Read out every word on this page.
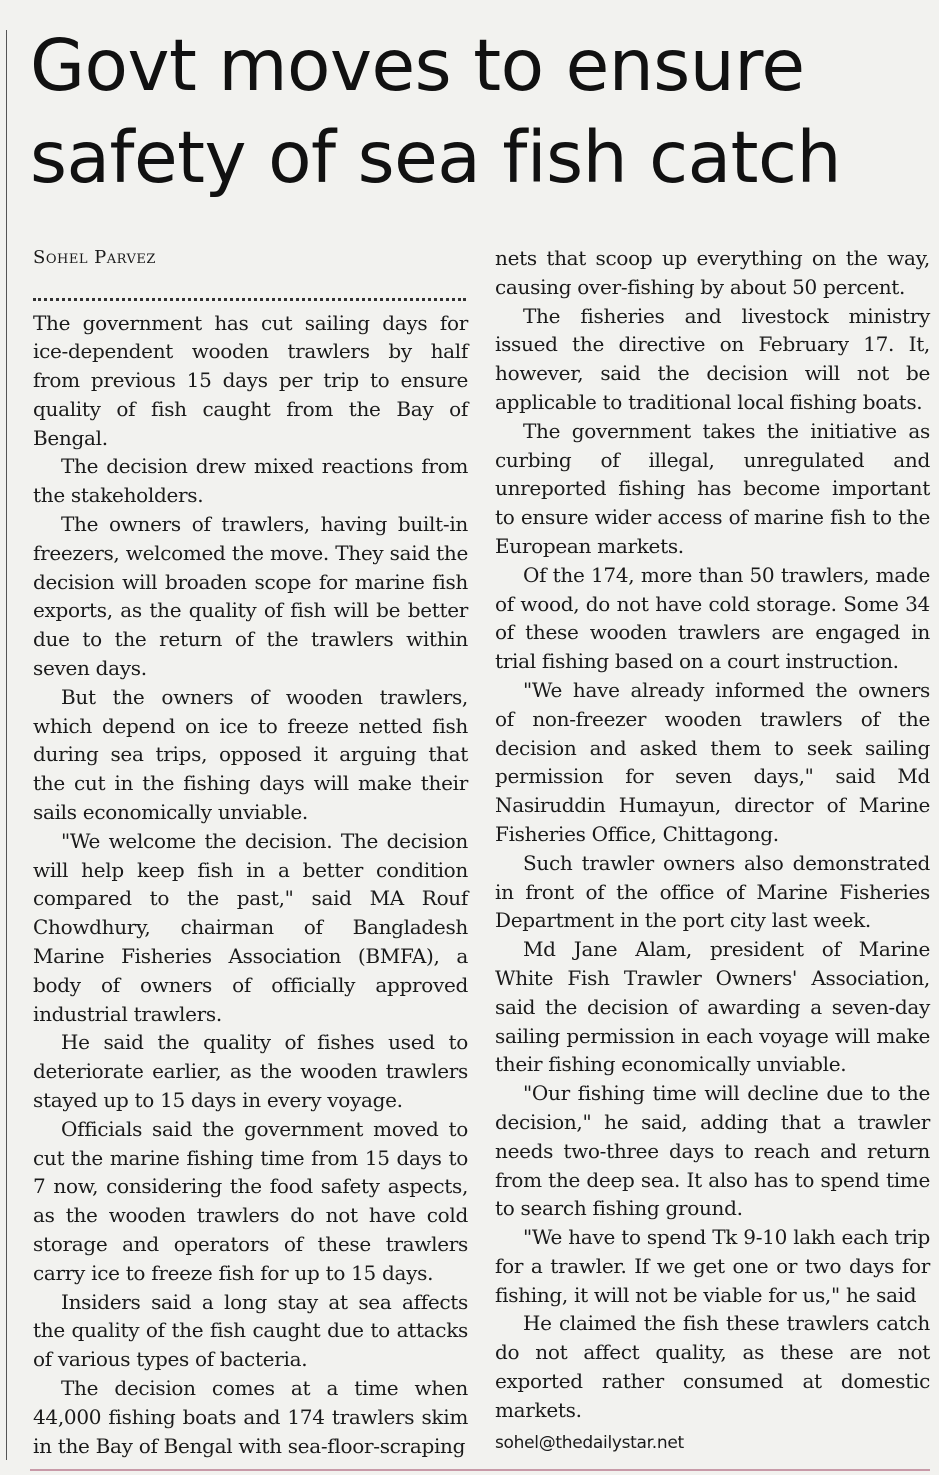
Govt moves to ensure
safety of sea fish catch
Sohel Parvez

The government has cut sailing days for ice-dependent wooden trawlers by half from previous 15 days per trip to ensure quality of fish caught from the Bay of Bengal.

The decision drew mixed reactions from the stakeholders.

The owners of trawlers, having built-in freezers, welcomed the move. They said the decision will broaden scope for marine fish exports, as the quality of fish will be better due to the return of the trawlers within seven days.

But the owners of wooden trawlers, which depend on ice to freeze netted fish during sea trips, opposed it arguing that the cut in the fishing days will make their sails economically unviable.

"We welcome the decision. The decision will help keep fish in a better condition compared to the past," said MA Rouf Chowdhury, chairman of Bangladesh Marine Fisheries Association (BMFA), a body of owners of officially approved industrial trawlers.

He said the quality of fishes used to deteriorate earlier, as the wooden trawlers stayed up to 15 days in every voyage.

Officials said the government moved to cut the marine fishing time from 15 days to 7 now, considering the food safety aspects, as the wooden trawlers do not have cold storage and operators of these trawlers carry ice to freeze fish for up to 15 days.

Insiders said a long stay at sea affects the quality of the fish caught due to attacks of various types of bacteria.

The decision comes at a time when 44,000 fishing boats and 174 trawlers skim in the Bay of Bengal with sea-floor-scraping

nets that scoop up everything on the way, causing over-fishing by about 50 percent.

The fisheries and livestock ministry issued the directive on February 17. It, however, said the decision will not be applicable to traditional local fishing boats.

The government takes the initiative as curbing of illegal, unregulated and unreported fishing has become important to ensure wider access of marine fish to the European markets.

Of the 174, more than 50 trawlers, made of wood, do not have cold storage. Some 34 of these wooden trawlers are engaged in trial fishing based on a court instruction.

"We have already informed the owners of non-freezer wooden trawlers of the decision and asked them to seek sailing permission for seven days," said Md Nasiruddin Humayun, director of Marine Fisheries Office, Chittagong.

Such trawler owners also demonstrated in front of the office of Marine Fisheries Department in the port city last week.

Md Jane Alam, president of Marine White Fish Trawler Owners' Association, said the decision of awarding a seven-day sailing permission in each voyage will make their fishing economically unviable.

"Our fishing time will decline due to the decision," he said, adding that a trawler needs two-three days to reach and return from the deep sea. It also has to spend time to search fishing ground.

"We have to spend Tk 9-10 lakh each trip for a trawler. If we get one or two days for fishing, it will not be viable for us," he said

He claimed the fish these trawlers catch do not affect quality, as these are not exported rather consumed at domestic markets.

sohel@thedailystar.net
